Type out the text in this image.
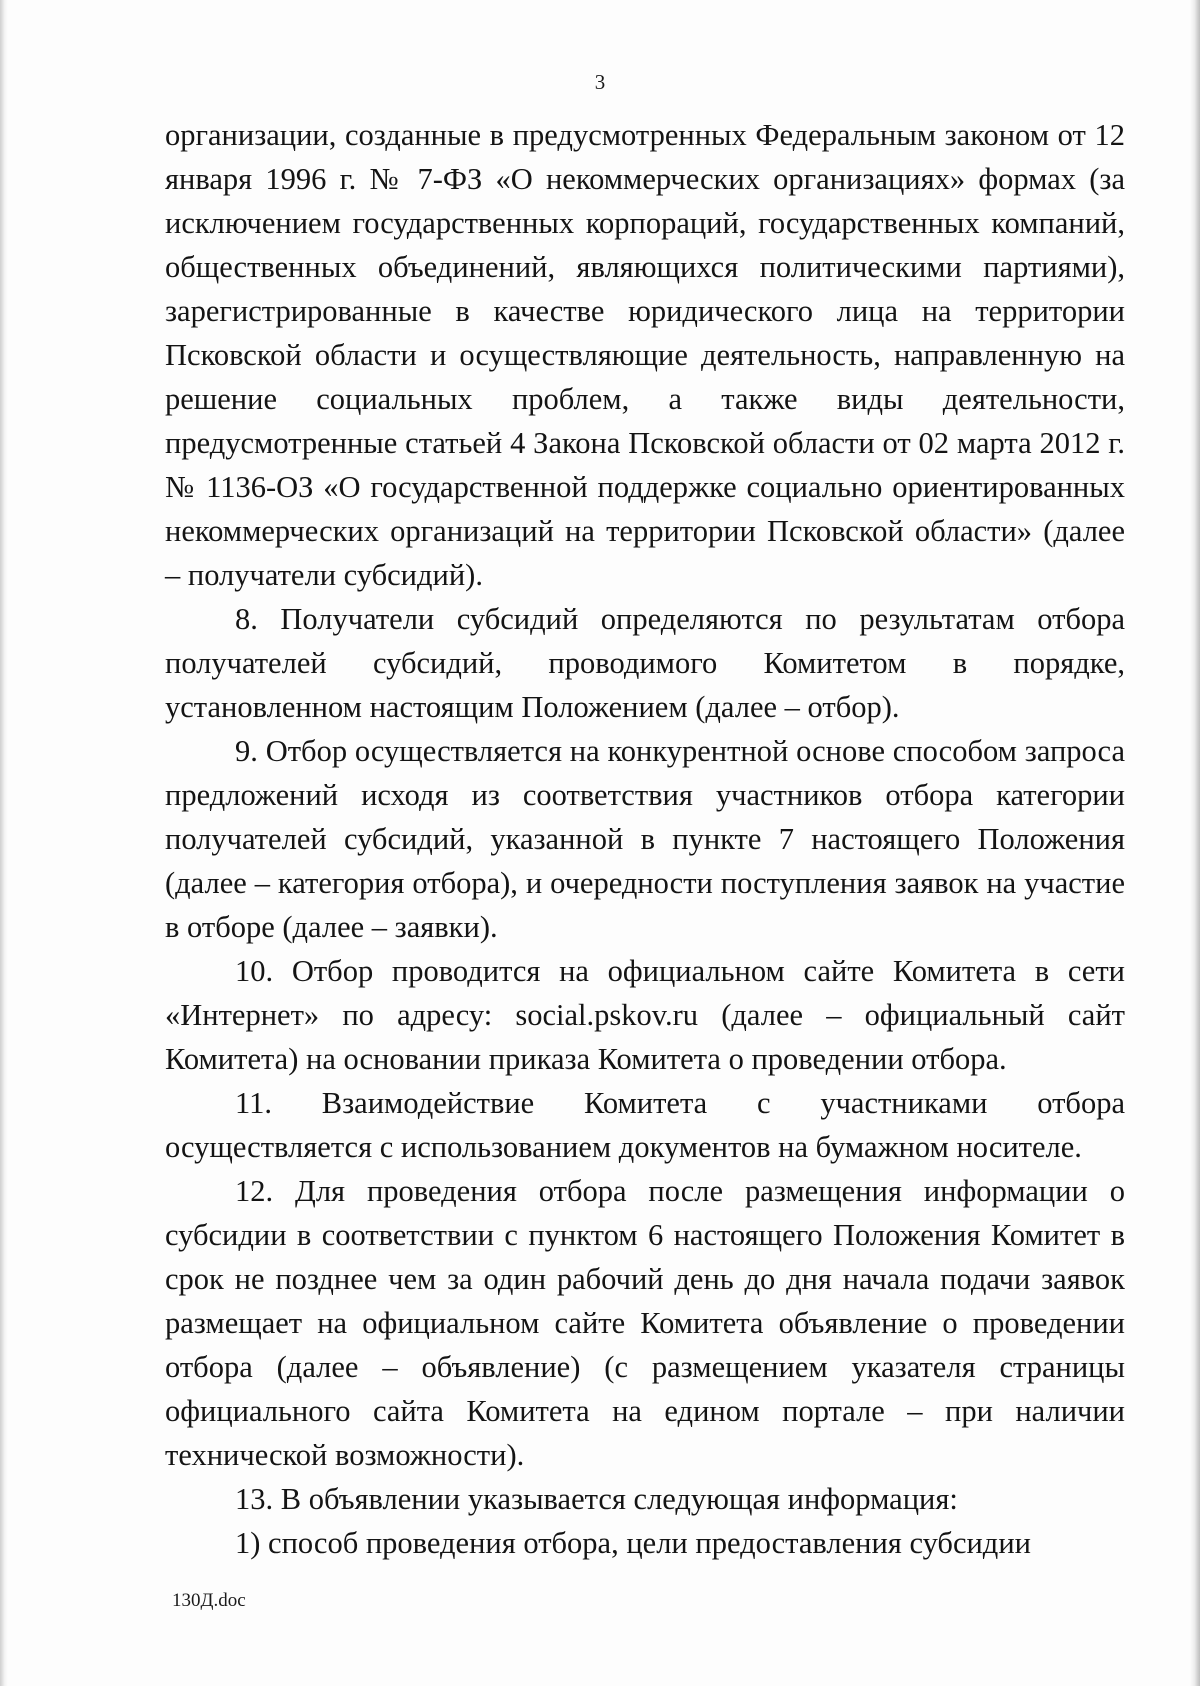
3

организации, созданные в предусмотренных Федеральным законом от 12 января 1996 г. № 7-ФЗ «О некоммерческих организациях» формах (за исключением государственных корпораций, государственных компаний, общественных объединений, являющихся политическими партиями), зарегистрированные в качестве юридического лица на территории Псковской области и осуществляющие деятельность, направленную на решение социальных проблем, а также виды деятельности, предусмотренные статьей 4 Закона Псковской области от 02 марта 2012 г. № 1136-ОЗ «О государственной поддержке социально ориентированных некоммерческих организаций на территории Псковской области» (далее – получатели субсидий).

8. Получатели субсидий определяются по результатам отбора получателей субсидий, проводимого Комитетом в порядке, установленном настоящим Положением (далее – отбор).

9. Отбор осуществляется на конкурентной основе способом запроса предложений исходя из соответствия участников отбора категории получателей субсидий, указанной в пункте 7 настоящего Положения (далее – категория отбора), и очередности поступления заявок на участие в отборе (далее – заявки).

10. Отбор проводится на официальном сайте Комитета в сети «Интернет» по адресу: social.pskov.ru (далее – официальный сайт Комитета) на основании приказа Комитета о проведении отбора.

11. Взаимодействие Комитета с участниками отбора осуществляется с использованием документов на бумажном носителе.

12. Для проведения отбора после размещения информации о субсидии в соответствии с пунктом 6 настоящего Положения Комитет в срок не позднее чем за один рабочий день до дня начала подачи заявок размещает на официальном сайте Комитета объявление о проведении отбора (далее – объявление) (с размещением указателя страницы официального сайта Комитета на едином портале – при наличии технической возможности).

13. В объявлении указывается следующая информация:

1) способ проведения отбора, цели предоставления субсидии

130Д.doc
